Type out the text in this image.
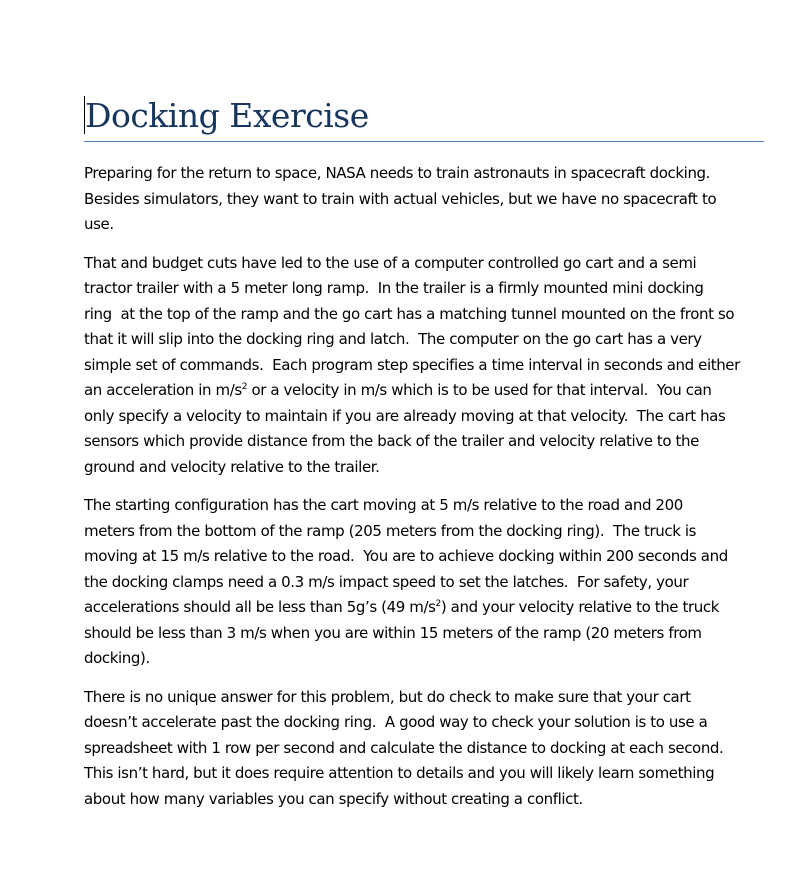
Docking Exercise

Preparing for the return to space, NASA needs to train astronauts in spacecraft docking.
Besides simulators, they want to train with actual vehicles, but we have no spacecraft to
use.

That and budget cuts have led to the use of a computer controlled go cart and a semi
tractor trailer with a 5 meter long ramp.  In the trailer is a firmly mounted mini docking
ring  at the top of the ramp and the go cart has a matching tunnel mounted on the front so
that it will slip into the docking ring and latch.  The computer on the go cart has a very
simple set of commands.  Each program step specifies a time interval in seconds and either
an acceleration in $m/s^2$ or a velocity in m/s which is to be used for that interval.  You can
only specify a velocity to maintain if you are already moving at that velocity.  The cart has
sensors which provide distance from the back of the trailer and velocity relative to the
ground and velocity relative to the trailer.

The starting configuration has the cart moving at 5 m/s relative to the road and 200
meters from the bottom of the ramp (205 meters from the docking ring).  The truck is
moving at 15 m/s relative to the road.  You are to achieve docking within 200 seconds and
the docking clamps need a 0.3 m/s impact speed to set the latches.  For safety, your
accelerations should all be less than 5g’s (49 $m/s^2$) and your velocity relative to the truck
should be less than 3 m/s when you are within 15 meters of the ramp (20 meters from
docking).

There is no unique answer for this problem, but do check to make sure that your cart
doesn’t accelerate past the docking ring.  A good way to check your solution is to use a
spreadsheet with 1 row per second and calculate the distance to docking at each second.
This isn’t hard, but it does require attention to details and you will likely learn something
about how many variables you can specify without creating a conflict.
